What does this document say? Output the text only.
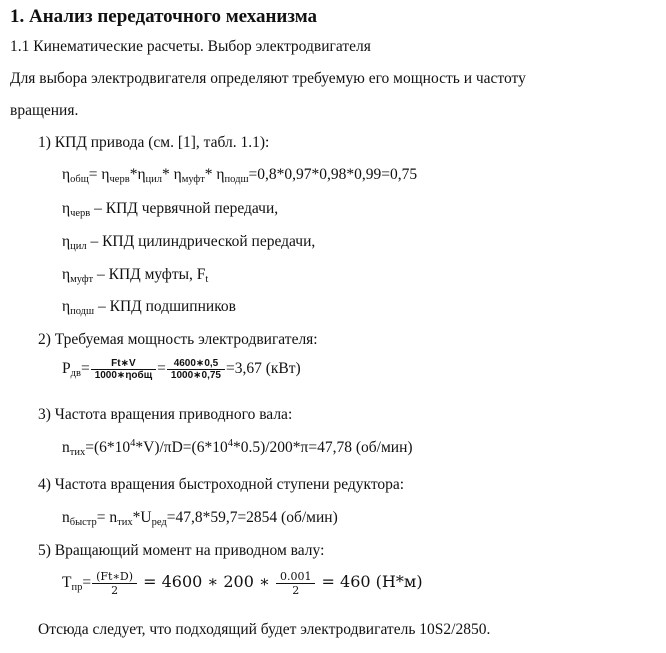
1. Анализ передаточного механизма
1.1 Кинематические расчеты. Выбор электродвигателя
Для выбора электродвигателя определяют требуемую его мощность и частоту
вращения.
1) КПД привода (см. [1], табл. 1.1):
$\eta_{общ}= \eta_{черв}*\eta_{цил}*$ $\eta_{муфт}*$ $\eta_{подш}=0,8*0,97*0,98*0,99=0,75$
$\eta_{черв}$ – КПД червячной передачи,
$\eta_{цил}$ – КПД цилиндрической передачи,
$\eta_{муфт}$ – КПД муфты, $F_t$
$\eta_{подш}$ – КПД подшипников
2) Требуемая мощность электродвигателя:
$P_{дв}= \frac{Ft∗V}{\text{1000∗ηобщ}} = \frac{4600∗0,5}{1000∗0,75} =3,67$ (кВт)
3) Частота вращения приводного вала:
$n_{тих}=(6*10^4*V)/\pi D=(6*10^4*0.5)/200*\pi=47,78$ (об/мин)
4) Частота вращения быстроходной ступени редуктора:
$n_{быстр}= n_{тих}*U_{ред}=47,8*59,7=2854$ (об/мин)
5) Вращающий момент на приводном валу:
$T_{пр}= \frac{(Ft∗D)}{2} = 4600$ ∗ 200 ∗ $\frac{0.001}{2} = 460$ (Н*м)
Отсюда следует, что подходящий будет электродвигатель 10S2/2850.
